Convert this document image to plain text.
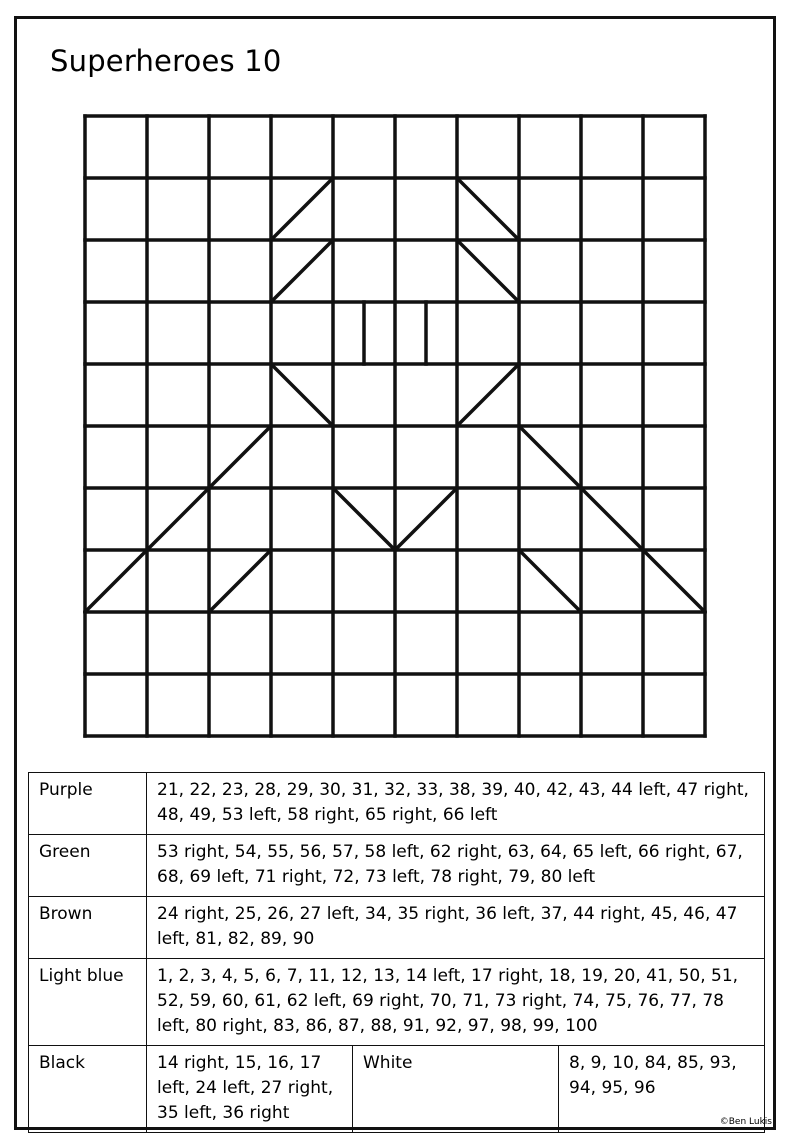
Superheroes 10
Purple	21, 22, 23, 28, 29, 30, 31, 32, 33, 38, 39, 40, 42, 43, 44 left, 47 right, 48, 49, 53 left, 58 right, 65 right, 66 left		
Green	53 right, 54, 55, 56, 57, 58 left, 62 right, 63, 64, 65 left, 66 right, 67, 68, 69 left, 71 right, 72, 73 left, 78 right, 79, 80 left		
Brown	24 right, 25, 26, 27 left, 34, 35 right, 36 left, 37, 44 right, 45, 46, 47 left, 81, 82, 89, 90		
Light blue	1, 2, 3, 4, 5, 6, 7, 11, 12, 13, 14 left, 17 right, 18, 19, 20, 41, 50, 51, 52, 59, 60, 61, 62 left, 69 right, 70, 71, 73 right, 74, 75, 76, 77, 78 left, 80 right, 83, 86, 87, 88, 91, 92, 97, 98, 99, 100		
Black	14 right, 15, 16, 17 left, 24 left, 27 right, 35 left, 36 right	White	8, 9, 10, 84, 85, 93, 94, 95, 96
©Ben Lukis
